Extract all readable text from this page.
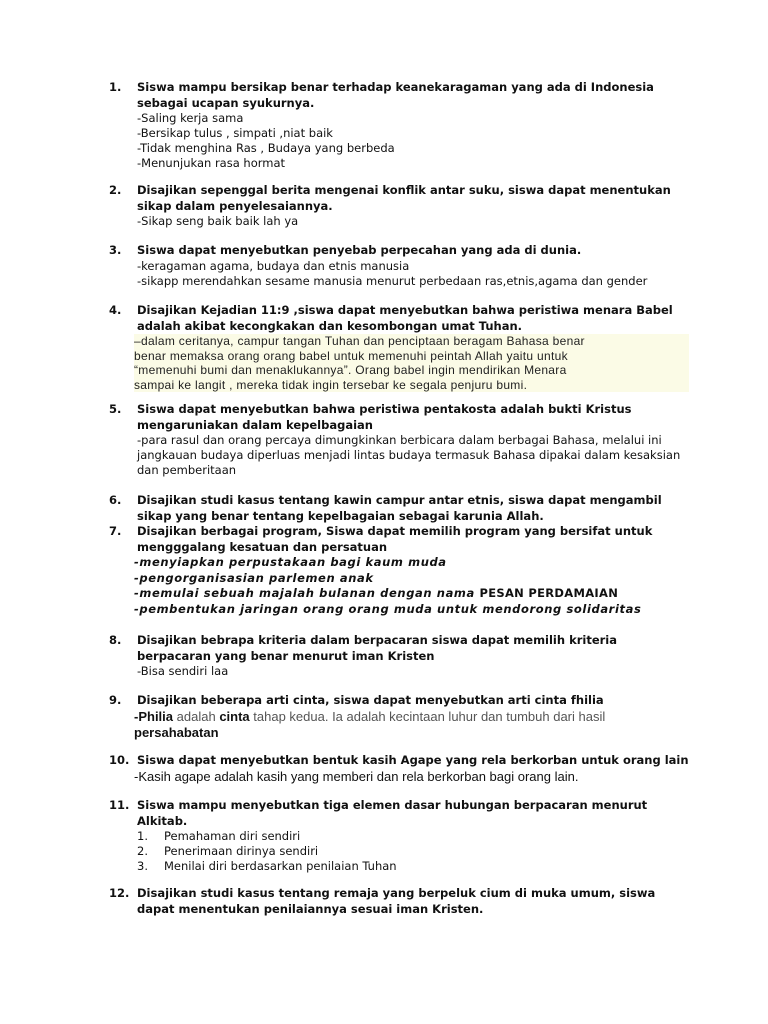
1.	Siswa mampu bersikap benar terhadap keanekaragaman yang ada di Indonesia sebagai ucapan syukurnya.
-Saling kerja sama
-Bersikap tulus , simpati ,niat baik
-Tidak menghina Ras , Budaya yang berbeda
-Menunjukan rasa hormat
2.	Disajikan sepenggal berita mengenai konflik antar suku, siswa dapat menentukan sikap dalam penyelesaiannya.
-Sikap seng baik baik lah ya
3.	Siswa dapat menyebutkan penyebab perpecahan yang ada di dunia.
-keragaman agama, budaya dan etnis manusia
-sikapp merendahkan sesame manusia menurut perbedaan ras,etnis,agama dan gender
4.	Disajikan Kejadian 11:9 ,siswa dapat menyebutkan bahwa peristiwa menara Babel adalah akibat kecongkakan dan kesombongan umat Tuhan.
–dalam ceritanya, campur tangan Tuhan dan penciptaan beragam Bahasa benar
benar memaksa orang orang babel untuk memenuhi peintah Allah yaitu untuk
“memenuhi bumi dan menaklukannya”. Orang babel ingin mendirikan Menara
sampai ke langit , mereka tidak ingin tersebar ke segala penjuru bumi.
5.	Siswa dapat menyebutkan bahwa peristiwa pentakosta adalah bukti Kristus mengaruniakan dalam kepelbagaian
-para rasul dan orang percaya dimungkinkan berbicara dalam berbagai Bahasa, melalui ini jangkauan budaya diperluas menjadi lintas budaya termasuk Bahasa dipakai dalam kesaksian dan pemberitaan
6.	Disajikan studi kasus tentang kawin campur antar etnis, siswa dapat mengambil sikap yang benar tentang kepelbagaian sebagai karunia Allah.
7.	Disajikan berbagai program, Siswa dapat memilih program yang bersifat untuk mengggalang kesatuan dan persatuan
-menyiapkan perpustakaan bagi kaum muda
-pengorganisasian parlemen anak
-memulai sebuah majalah bulanan dengan nama PESAN PERDAMAIAN
-pembentukan jaringan orang orang muda untuk mendorong solidaritas
8.	Disajikan bebrapa kriteria dalam berpacaran siswa dapat memilih kriteria berpacaran yang benar menurut iman Kristen
-Bisa sendiri laa
9.	Disajikan beberapa arti cinta, siswa dapat menyebutkan arti cinta fhilia
-Philia adalah cinta tahap kedua. Ia adalah kecintaan luhur dan tumbuh dari hasil
persahabatan
10. Siswa dapat menyebutkan bentuk kasih Agape yang rela berkorban untuk orang lain
-Kasih agape adalah kasih yang memberi dan rela berkorban bagi orang lain.
11. Siswa mampu menyebutkan tiga elemen dasar hubungan berpacaran menurut Alkitab.
1. Pemahaman diri sendiri
2. Penerimaan dirinya sendiri
3. Menilai diri berdasarkan penilaian Tuhan
12. Disajikan studi kasus tentang remaja yang berpeluk cium di muka umum, siswa dapat menentukan penilaiannya sesuai iman Kristen.
